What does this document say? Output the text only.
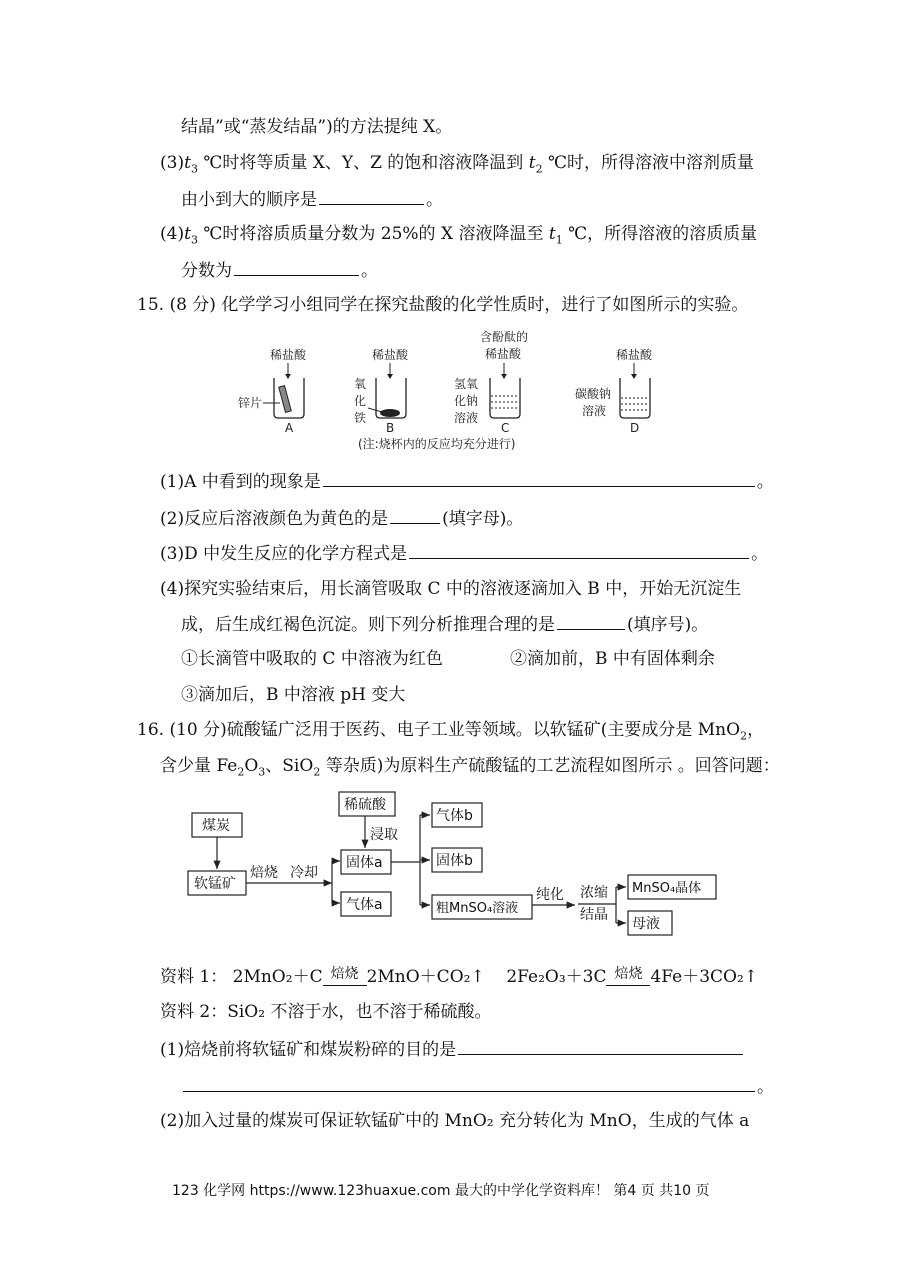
结晶”或“蒸发结晶”)的方法提纯 X。
$(3)t_3$ ℃时将等质量 X、Y、Z 的饱和溶液降温到 $t_2$ ℃时，所得溶液中溶剂质量
由小到大的顺序是	。
$(4)t_3$ ℃时将溶质质量分数为 25%的 X 溶液降温至 $t_1$ ℃，所得溶液的溶质质量
分数为	。
15. (8 分) 化学学习小组同学在探究盐酸的化学性质时，进行了如图所示的实验。
稀盐酸	稀盐酸
含酚酞的
稀盐酸	稀盐酸
锌片
氧
化
铁
氢氧
化钠
溶液
碳酸钠
溶液
A	B	C	D
(注:烧杯内的反应均充分进行)
(1)A 中看到的现象是	。
(2)反应后溶液颜色为黄色的是	(填字母)。
(3)D 中发生反应的化学方程式是	。
(4)探究实验结束后，用长滴管吸取 C 中的溶液逐滴加入 B 中，开始无沉淀生
成，后生成红褐色沉淀。则下列分析推理合理的是	(填序号)。
①长滴管中吸取的 C 中溶液为红色	②滴加前，B 中有固体剩余
③滴加后，B 中溶液 pH 变大
16. (10 分)硫酸锰广泛用于医药、电子工业等领域。以软锰矿(主要成分是 MnO$_2$，
含少量 $Fe_2O_3$、SiO$_2$ 等杂质)为原料生产硫酸锰的工艺流程如图所示 。回答问题：
煤炭
软锰矿
焙烧 冷却
稀硫酸
浸取
固体a
气体a
气体b
固体b
粗MnSO₄溶液
纯化 浓缩
结晶
MnSO₄晶体
母液
资料 1： 2MnO₂＋C 焙烧 2MnO＋CO₂↑ 2Fe₂O₃＋3C 焙烧 4Fe＋3CO₂↑
资料 2：SiO₂ 不溶于水，也不溶于稀硫酸。
(1)焙烧前将软锰矿和煤炭粉碎的目的是
。
(2)加入过量的煤炭可保证软锰矿中的 MnO₂ 充分转化为 MnO，生成的气体 a
123 化学网 https://www.123huaxue.com 最大的中学化学资料库！ 第4 页 共10 页
